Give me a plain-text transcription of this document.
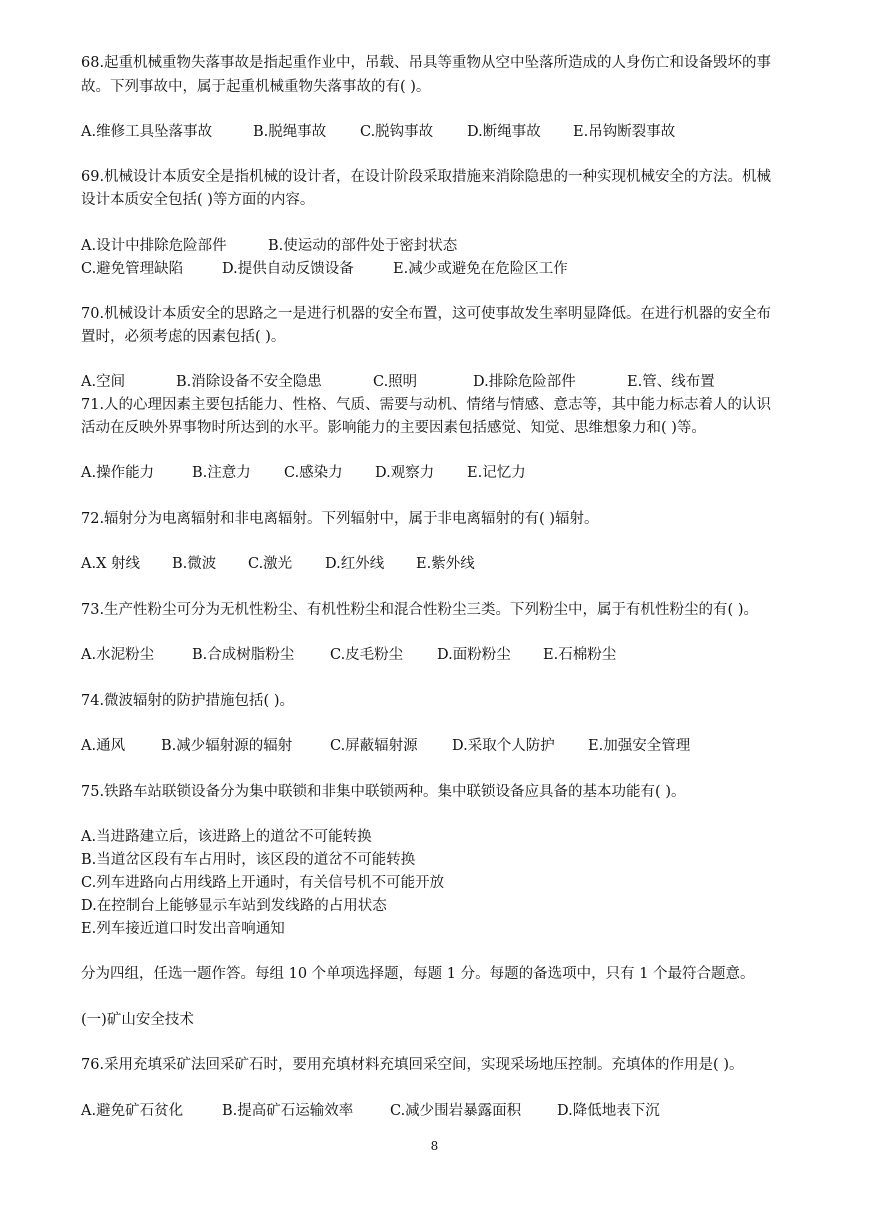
68.起重机械重物失落事故是指起重作业中，吊载、吊具等重物从空中坠落所造成的人身伤亡和设备毁坏的事
故。下列事故中，属于起重机械重物失落事故的有( )。
A.维修工具坠落事故	B.脱绳事故 C.脱钩事故 D.断绳事故 E.吊钩断裂事故
69.机械设计本质安全是指机械的设计者，在设计阶段采取措施来消除隐患的一种实现机械安全的方法。机械
设计本质安全包括( )等方面的内容。
A.设计中排除危险部件	B.使运动的部件处于密封状态
C.避免管理缺陷	D.提供自动反馈设备	E.减少或避免在危险区工作
70.机械设计本质安全的思路之一是进行机器的安全布置，这可使事故发生率明显降低。在进行机器的安全布
置时，必须考虑的因素包括( )。
A.空间	B.消除设备不安全隐患	C.照明	D.排除危险部件	E.管、线布置
71.人的心理因素主要包括能力、性格、气质、需要与动机、情绪与情感、意志等，其中能力标志着人的认识
活动在反映外界事物时所达到的水平。影响能力的主要因素包括感觉、知觉、思维想象力和( )等。
A.操作能力	B.注意力 C.感染力 D.观察力 E.记忆力
72.辐射分为电离辐射和非电离辐射。下列辐射中，属于非电离辐射的有( )辐射。
A.X 射线 B.微波 C.激光 D.红外线 E.紫外线
73.生产性粉尘可分为无机性粉尘、有机性粉尘和混合性粉尘三类。下列粉尘中，属于有机性粉尘的有( )。
A.水泥粉尘	B.合成树脂粉尘 C.皮毛粉尘 D.面粉粉尘 E.石棉粉尘
74.微波辐射的防护措施包括( )。
A.通风 B.减少辐射源的辐射	C.屏蔽辐射源 D.采取个人防护 E.加强安全管理
75.铁路车站联锁设备分为集中联锁和非集中联锁两种。集中联锁设备应具备的基本功能有( )。
A.当进路建立后，该进路上的道岔不可能转换
B.当道岔区段有车占用时，该区段的道岔不可能转换
C.列车进路向占用线路上开通时，有关信号机不可能开放
D.在控制台上能够显示车站到发线路的占用状态
E.列车接近道口时发出音响通知
分为四组，任选一题作答。每组 10 个单项选择题，每题 1 分。每题的备选项中，只有 1 个最符合题意。
(一)矿山安全技术
76.采用充填采矿法回采矿石时，要用充填材料充填回采空间，实现采场地压控制。充填体的作用是( )。
A.避免矿石贫化	B.提高矿石运输效率	C.减少围岩暴露面积 D.降低地表下沉
8
